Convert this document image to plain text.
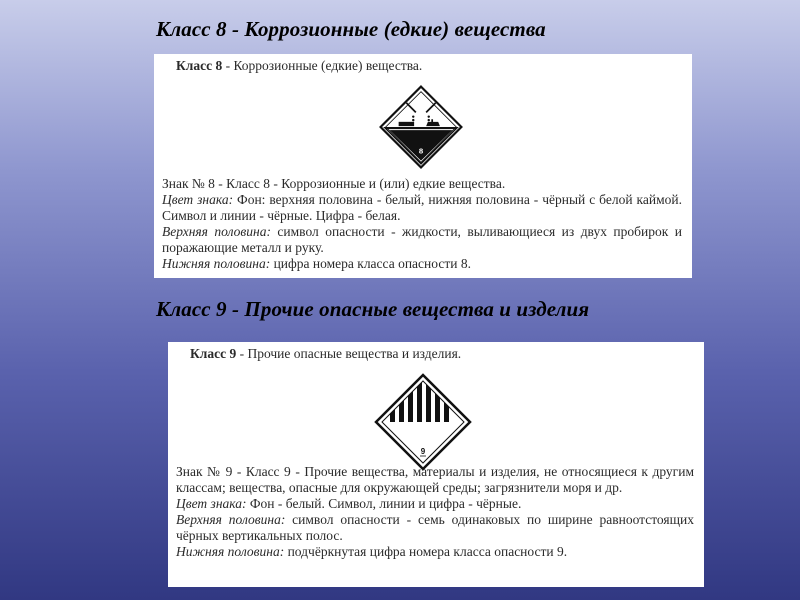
Класс 8 - Коррозионные (едкие) вещества
Класс 8 - Коррозионные (едкие) вещества.
8

Знак № 8 - Класс 8 - Коррозионные и (или) едкие вещества.

Цвет знака: Фон: верхняя половина - белый, нижняя половина - чёрный с белой каймой. Символ и линии - чёрные. Цифра - белая.

Верхняя половина: символ опасности - жидкости, выливающиеся из двух пробирок и поражающие металл и руку.

Нижняя половина: цифра номера класса опасности 8.

Класс 9 - Прочие опасные вещества и изделия
Класс 9 - Прочие опасные вещества и изделия.
9

Знак № 9 - Класс 9 - Прочие вещества, материалы и изделия, не относящиеся к другим классам; вещества, опасные для окружающей среды; загрязнители моря и др.

Цвет знака: Фон - белый. Символ, линии и цифра - чёрные.

Верхняя половина: символ опасности - семь одинаковых по ширине равноотстоящих чёрных вертикальных полос.

Нижняя половина: подчёркнутая цифра номера класса опасности 9.
